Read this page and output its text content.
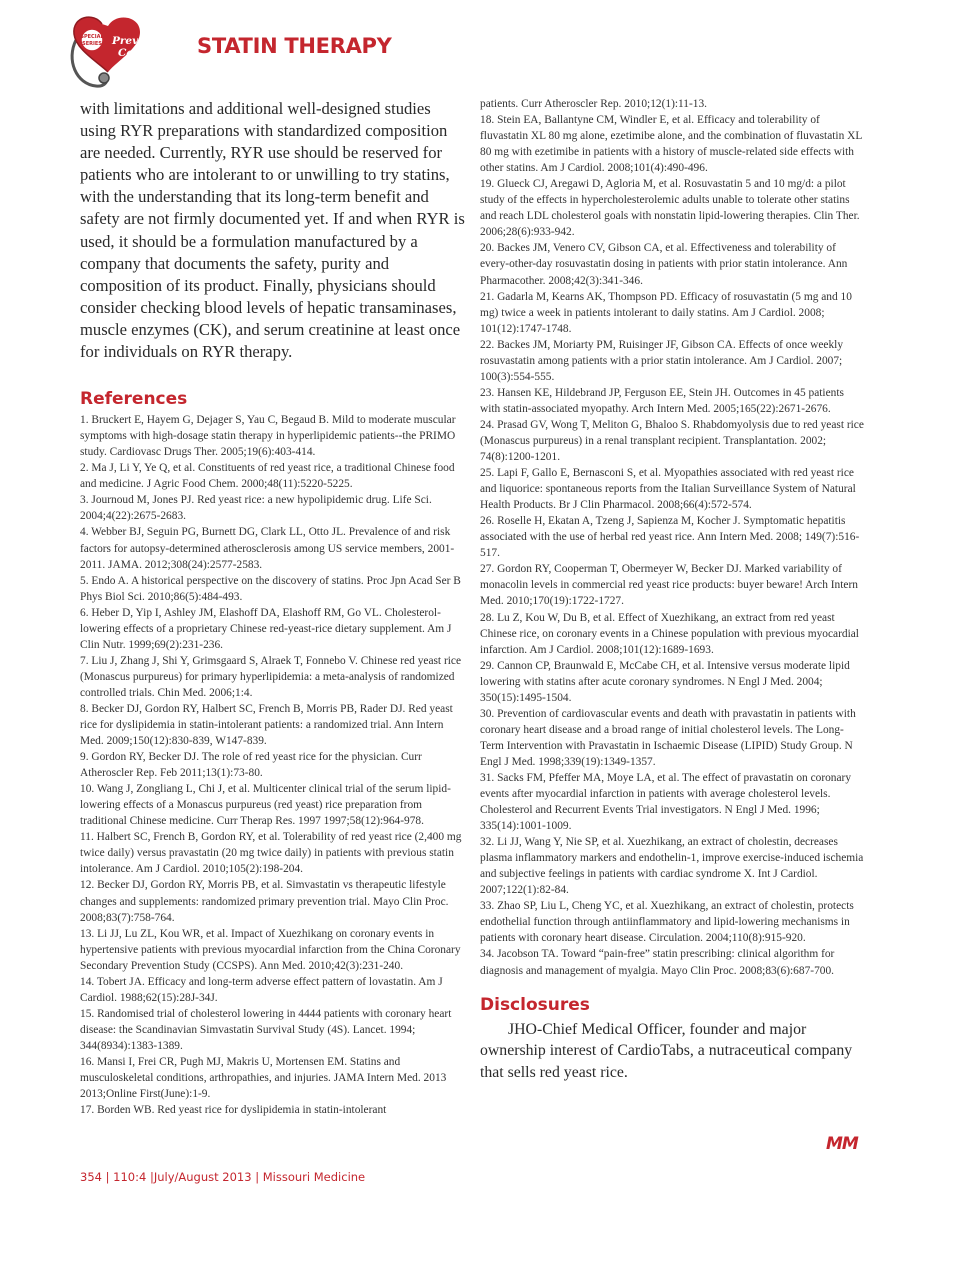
SPECIAL
SERIES Preventive
Cardiology STATIN THERAPY

with limitations and additional well-designed studies using RYR preparations with standardized composition are needed. Currently, RYR use should be reserved for patients who are intolerant to or unwilling to try statins, with the understanding that its long-term benefit and safety are not firmly documented yet. If and when RYR is used, it should be a formulation manufactured by a company that documents the safety, purity and composition of its product. Finally, physicians should consider checking blood levels of hepatic transaminases, muscle enzymes (CK), and serum creatinine at least once for individuals on RYR therapy.

References
1. Bruckert E, Hayem G, Dejager S, Yau C, Begaud B. Mild to moderate muscular symptoms with high-dosage statin therapy in hyperlipidemic patients--the PRIMO study. Cardiovasc Drugs Ther. 2005;19(6):403-414.
2. Ma J, Li Y, Ye Q, et al. Constituents of red yeast rice, a traditional Chinese food and medicine. J Agric Food Chem. 2000;48(11):5220-5225.
3. Journoud M, Jones PJ. Red yeast rice: a new hypolipidemic drug. Life Sci. 2004;4(22):2675-2683.
4. Webber BJ, Seguin PG, Burnett DG, Clark LL, Otto JL. Prevalence of and risk factors for autopsy-determined atherosclerosis among US service members, 2001-2011. JAMA. 2012;308(24):2577-2583.
5. Endo A. A historical perspective on the discovery of statins. Proc Jpn Acad Ser B Phys Biol Sci. 2010;86(5):484-493.
6. Heber D, Yip I, Ashley JM, Elashoff DA, Elashoff RM, Go VL. Cholesterol-lowering effects of a proprietary Chinese red-yeast-rice dietary supplement. Am J Clin Nutr. 1999;69(2):231-236.
7. Liu J, Zhang J, Shi Y, Grimsgaard S, Alraek T, Fonnebo V. Chinese red yeast rice (Monascus purpureus) for primary hyperlipidemia: a meta-analysis of randomized controlled trials. Chin Med. 2006;1:4.
8. Becker DJ, Gordon RY, Halbert SC, French B, Morris PB, Rader DJ. Red yeast rice for dyslipidemia in statin-intolerant patients: a randomized trial. Ann Intern Med. 2009;150(12):830-839, W147-839.
9. Gordon RY, Becker DJ. The role of red yeast rice for the physician. Curr Atheroscler Rep. Feb 2011;13(1):73-80.
10. Wang J, Zongliang L, Chi J, et al. Multicenter clinical trial of the serum lipid-lowering effects of a Monascus purpureus (red yeast) rice preparation from traditional Chinese medicine. Curr Therap Res. 1997 1997;58(12):964-978.
11. Halbert SC, French B, Gordon RY, et al. Tolerability of red yeast rice (2,400 mg twice daily) versus pravastatin (20 mg twice daily) in patients with previous statin intolerance. Am J Cardiol. 2010;105(2):198-204.
12. Becker DJ, Gordon RY, Morris PB, et al. Simvastatin vs therapeutic lifestyle changes and supplements: randomized primary prevention trial. Mayo Clin Proc. 2008;83(7):758-764.
13. Li JJ, Lu ZL, Kou WR, et al. Impact of Xuezhikang on coronary events in hypertensive patients with previous myocardial infarction from the China Coronary Secondary Prevention Study (CCSPS). Ann Med. 2010;42(3):231-240.
14. Tobert JA. Efficacy and long-term adverse effect pattern of lovastatin. Am J Cardiol. 1988;62(15):28J-34J.
15. Randomised trial of cholesterol lowering in 4444 patients with coronary heart disease: the Scandinavian Simvastatin Survival Study (4S). Lancet. 1994; 344(8934):1383-1389.
16. Mansi I, Frei CR, Pugh MJ, Makris U, Mortensen EM. Statins and musculoskeletal conditions, arthropathies, and injuries. JAMA Intern Med. 2013 2013;Online First(June):1-9.
17. Borden WB. Red yeast rice for dyslipidemia in statin-intolerant
patients. Curr Atheroscler Rep. 2010;12(1):11-13.
18. Stein EA, Ballantyne CM, Windler E, et al. Efficacy and tolerability of fluvastatin XL 80 mg alone, ezetimibe alone, and the combination of fluvastatin XL 80 mg with ezetimibe in patients with a history of muscle-related side effects with other statins. Am J Cardiol. 2008;101(4):490-496.
19. Glueck CJ, Aregawi D, Agloria M, et al. Rosuvastatin 5 and 10 mg/d: a pilot study of the effects in hypercholesterolemic adults unable to tolerate other statins and reach LDL cholesterol goals with nonstatin lipid-lowering therapies. Clin Ther. 2006;28(6):933-942.
20. Backes JM, Venero CV, Gibson CA, et al. Effectiveness and tolerability of every-other-day rosuvastatin dosing in patients with prior statin intolerance. Ann Pharmacother. 2008;42(3):341-346.
21. Gadarla M, Kearns AK, Thompson PD. Efficacy of rosuvastatin (5 mg and 10 mg) twice a week in patients intolerant to daily statins. Am J Cardiol. 2008; 101(12):1747-1748.
22. Backes JM, Moriarty PM, Ruisinger JF, Gibson CA. Effects of once weekly rosuvastatin among patients with a prior statin intolerance. Am J Cardiol. 2007; 100(3):554-555.
23. Hansen KE, Hildebrand JP, Ferguson EE, Stein JH. Outcomes in 45 patients with statin-associated myopathy. Arch Intern Med. 2005;165(22):2671-2676.
24. Prasad GV, Wong T, Meliton G, Bhaloo S. Rhabdomyolysis due to red yeast rice (Monascus purpureus) in a renal transplant recipient. Transplantation. 2002; 74(8):1200-1201.
25. Lapi F, Gallo E, Bernasconi S, et al. Myopathies associated with red yeast rice and liquorice: spontaneous reports from the Italian Surveillance System of Natural Health Products. Br J Clin Pharmacol. 2008;66(4):572-574.
26. Roselle H, Ekatan A, Tzeng J, Sapienza M, Kocher J. Symptomatic hepatitis associated with the use of herbal red yeast rice. Ann Intern Med. 2008; 149(7):516-517.
27. Gordon RY, Cooperman T, Obermeyer W, Becker DJ. Marked variability of monacolin levels in commercial red yeast rice products: buyer beware! Arch Intern Med. 2010;170(19):1722-1727.
28. Lu Z, Kou W, Du B, et al. Effect of Xuezhikang, an extract from red yeast Chinese rice, on coronary events in a Chinese population with previous myocardial infarction. Am J Cardiol. 2008;101(12):1689-1693.
29. Cannon CP, Braunwald E, McCabe CH, et al. Intensive versus moderate lipid lowering with statins after acute coronary syndromes. N Engl J Med. 2004; 350(15):1495-1504.
30. Prevention of cardiovascular events and death with pravastatin in patients with coronary heart disease and a broad range of initial cholesterol levels. The Long-Term Intervention with Pravastatin in Ischaemic Disease (LIPID) Study Group. N Engl J Med. 1998;339(19):1349-1357.
31. Sacks FM, Pfeffer MA, Moye LA, et al. The effect of pravastatin on coronary events after myocardial infarction in patients with average cholesterol levels. Cholesterol and Recurrent Events Trial investigators. N Engl J Med. 1996; 335(14):1001-1009.
32. Li JJ, Wang Y, Nie SP, et al. Xuezhikang, an extract of cholestin, decreases plasma inflammatory markers and endothelin-1, improve exercise-induced ischemia and subjective feelings in patients with cardiac syndrome X. Int J Cardiol. 2007;122(1):82-84.
33. Zhao SP, Liu L, Cheng YC, et al. Xuezhikang, an extract of cholestin, protects endothelial function through antiinflammatory and lipid-lowering mechanisms in patients with coronary heart disease. Circulation. 2004;110(8):915-920.
34. Jacobson TA. Toward “pain-free” statin prescribing: clinical algorithm for diagnosis and management of myalgia. Mayo Clin Proc. 2008;83(6):687-700.
Disclosures

JHO-Chief Medical Officer, founder and major ownership interest of CardioTabs, a nutraceutical company that sells red yeast rice.

MM
354 | 110:4 |July/August 2013 | Missouri Medicine
